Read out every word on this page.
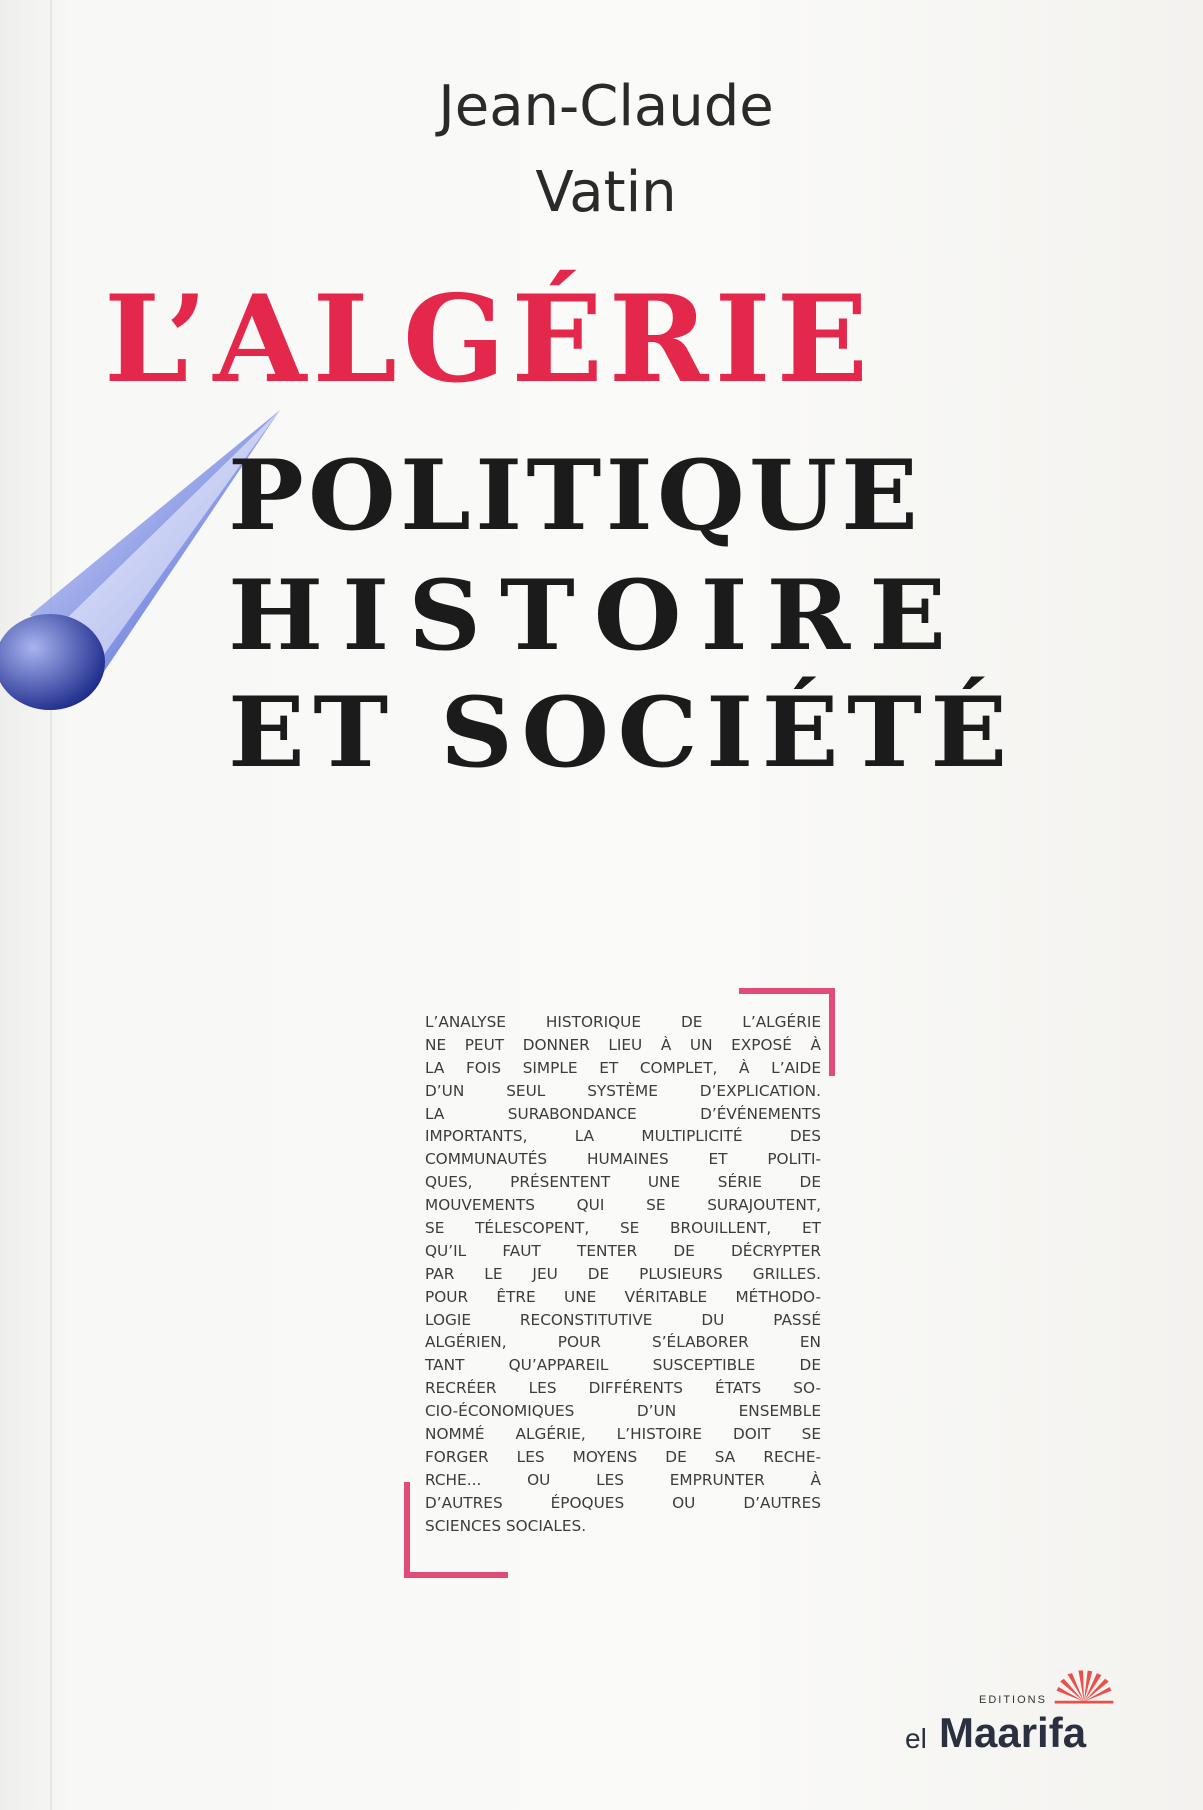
Jean-Claude
Vatin
L’ALGÉRIE
POLITIQUE
HISTOIRE
ET SOCIÉTÉ
L’ANALYSE HISTORIQUE DE L’ALGÉRIE
NE PEUT DONNER LIEU À UN EXPOSÉ À
LA FOIS SIMPLE ET COMPLET, À L’AIDE
D’UN SEUL SYSTÈME D’EXPLICATION.
LA SURABONDANCE D’ÉVÉNEMENTS
IMPORTANTS, LA MULTIPLICITÉ DES
COMMUNAUTÉS HUMAINES ET POLITI-
QUES, PRÉSENTENT UNE SÉRIE DE
MOUVEMENTS QUI SE SURAJOUTENT,
SE TÉLESCOPENT, SE BROUILLENT, ET
QU’IL FAUT TENTER DE DÉCRYPTER
PAR LE JEU DE PLUSIEURS GRILLES.
POUR ÊTRE UNE VÉRITABLE MÉTHODO-
LOGIE RECONSTITUTIVE DU PASSÉ
ALGÉRIEN, POUR S’ÉLABORER EN
TANT QU’APPAREIL SUSCEPTIBLE DE
RECRÉER LES DIFFÉRENTS ÉTATS SO-
CIO-ÉCONOMIQUES D’UN ENSEMBLE
NOMMÉ ALGÉRIE, L’HISTOIRE DOIT SE
FORGER LES MOYENS DE SA RECHE-
RCHE... OU LES EMPRUNTER À
D’AUTRES ÉPOQUES OU D’AUTRES
SCIENCES SOCIALES.
EDITIONS
el Maarifa
